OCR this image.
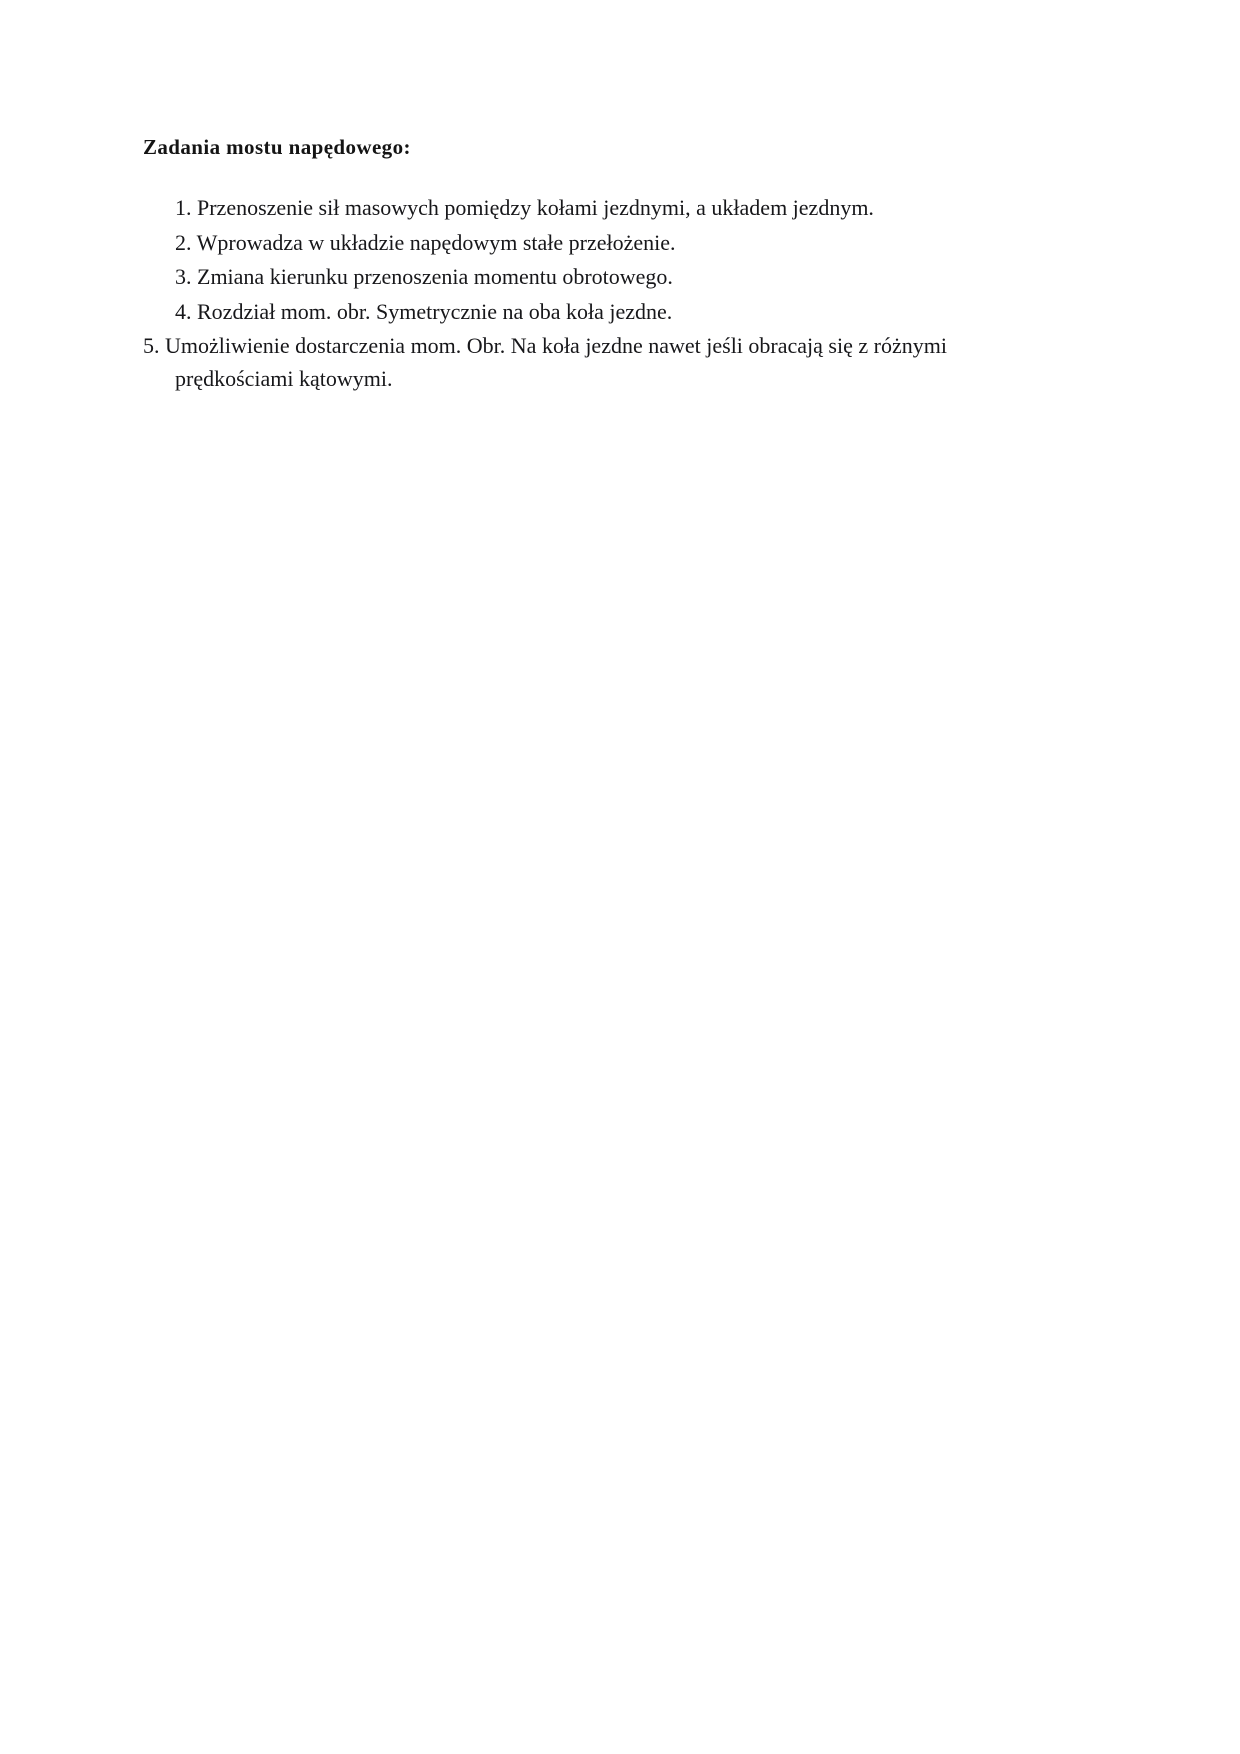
Zadania mostu napędowego:
1. Przenoszenie sił masowych pomiędzy kołami jezdnymi, a układem jezdnym.
2. Wprowadza w układzie napędowym stałe przełożenie.
3. Zmiana kierunku przenoszenia momentu obrotowego.
4. Rozdział mom. obr. Symetrycznie na oba koła jezdne.
5. Umożliwienie dostarczenia mom. Obr. Na koła jezdne nawet jeśli obracają się z różnymi prędkościami kątowymi.
